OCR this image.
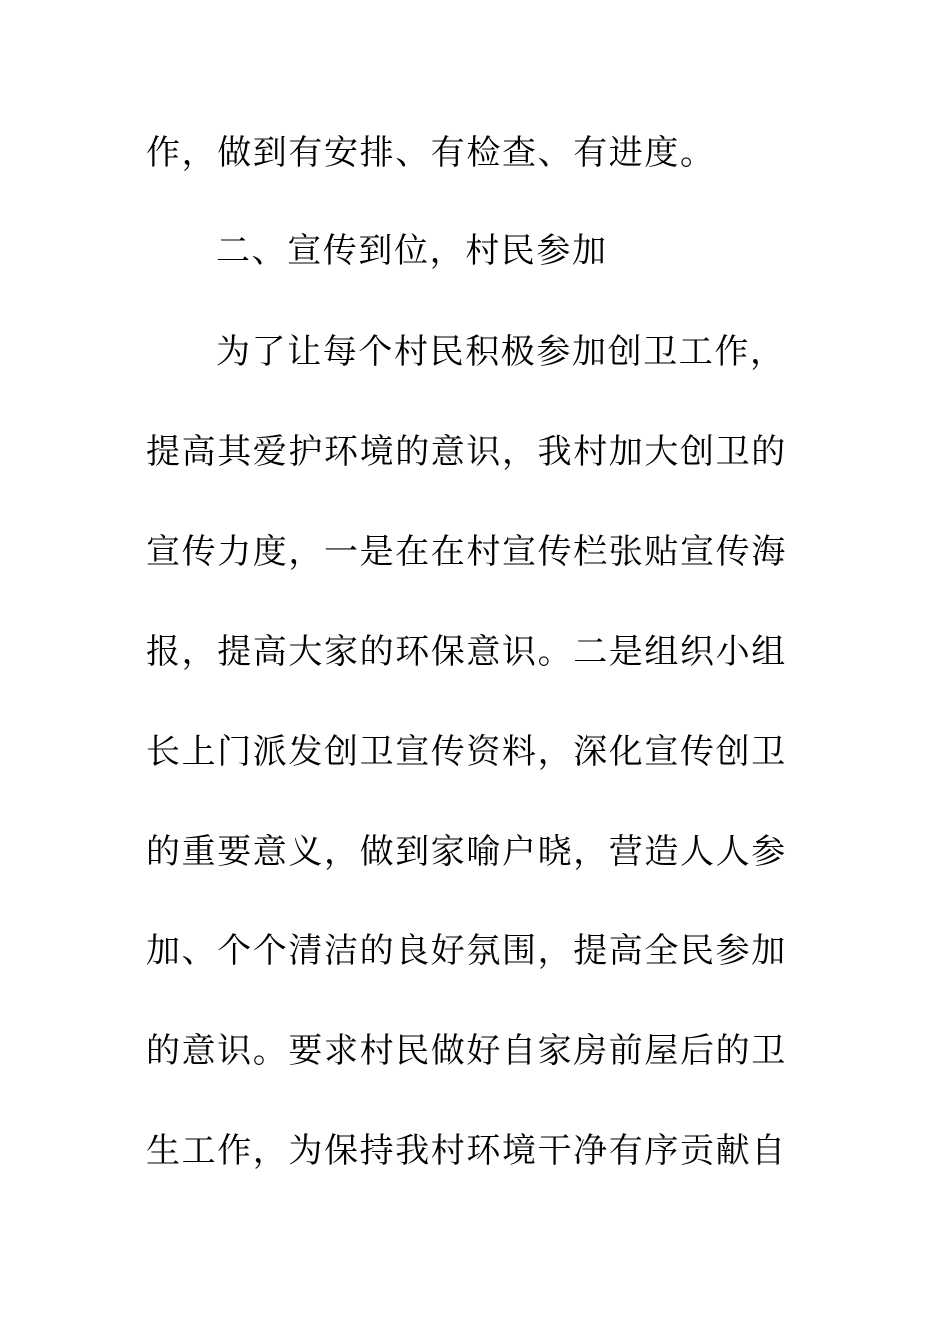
作，做到有安排、有检查、有进度。
二、宣传到位，村民参加
为了让每个村民积极参加创卫工作，
提高其爱护环境的意识，我村加大创卫的
宣传力度，一是在在村宣传栏张贴宣传海
报，提高大家的环保意识。二是组织小组
长上门派发创卫宣传资料，深化宣传创卫
的重要意义，做到家喻户晓，营造人人参
加、个个清洁的良好氛围，提高全民参加
的意识。要求村民做好自家房前屋后的卫
生工作，为保持我村环境干净有序贡献自
